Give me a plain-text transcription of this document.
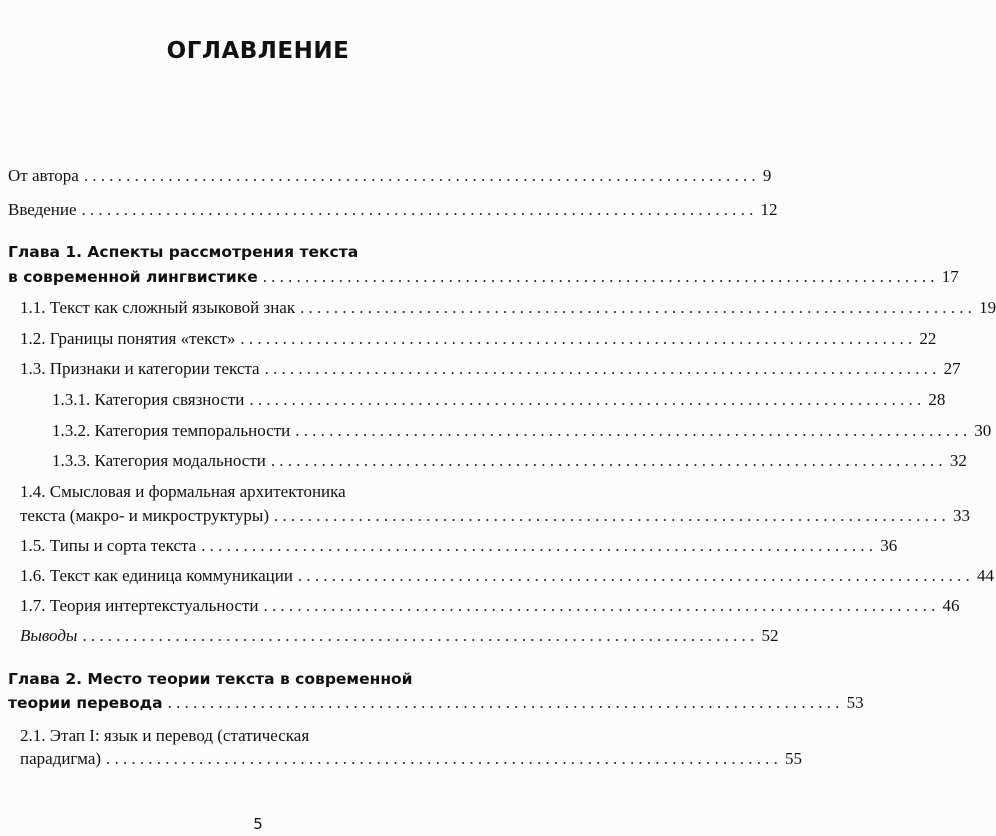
ОГЛАВЛЕНИЕ
От автора ................................................................................ 9
Введение ................................................................................ 12
Глава 1. Аспекты рассмотрения текста
в современной лингвистике ................................................................................ 17
1.1. Текст как сложный языковой знак ................................................................................ 19
1.2. Границы понятия «текст» ................................................................................ 22
1.3. Признаки и категории текста ................................................................................ 27
1.3.1. Категория связности ................................................................................ 28
1.3.2. Категория темпоральности ................................................................................ 30
1.3.3. Категория модальности ................................................................................ 32
1.4. Смысловая и формальная архитектоника
текста (макро- и микроструктуры) ................................................................................ 33
1.5. Типы и сорта текста ................................................................................ 36
1.6. Текст как единица коммуникации ................................................................................ 44
1.7. Теория интертекстуальности ................................................................................ 46
Выводы ................................................................................ 52
Глава 2. Место теории текста в современной
теории перевода ................................................................................ 53
2.1. Этап I: язык и перевод (статическая
парадигма) ................................................................................ 55
5
